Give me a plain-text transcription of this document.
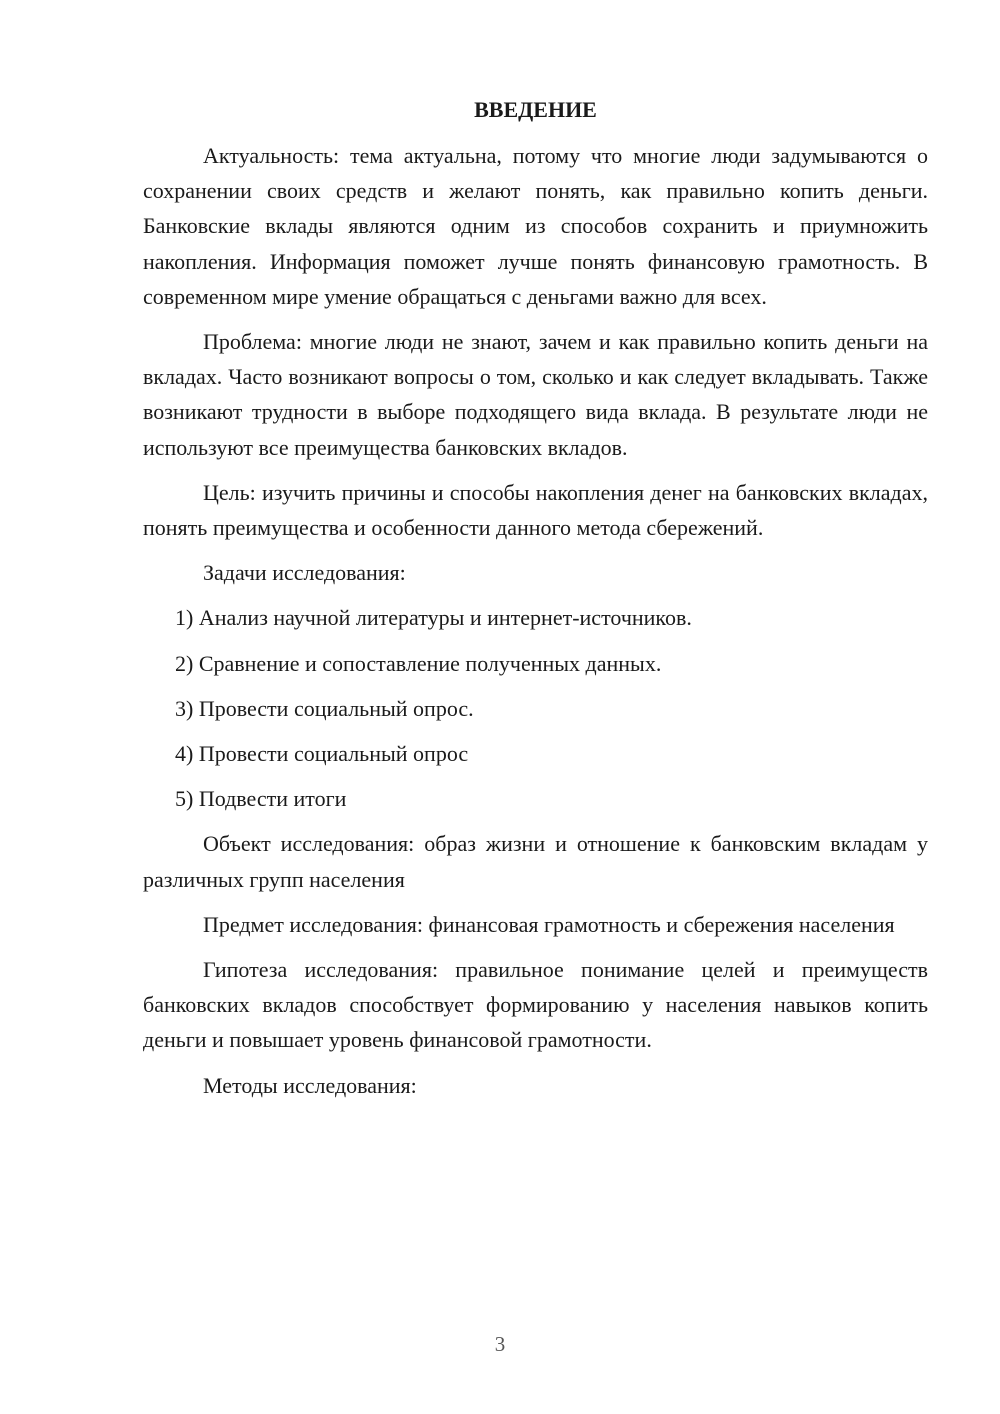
ВВЕДЕНИЕ

Актуальность: тема актуальна, потому что многие люди задумываются о сохранении своих средств и желают понять, как правильно копить деньги. Банковские вклады являются одним из способов сохранить и приумножить накопления. Информация поможет лучше понять финансовую грамотность. В современном мире умение обращаться с деньгами важно для всех.

Проблема: многие люди не знают, зачем и как правильно копить деньги на вкладах. Часто возникают вопросы о том, сколько и как следует вкладывать. Также возникают трудности в выборе подходящего вида вклада. В результате люди не используют все преимущества банковских вкладов.

Цель: изучить причины и способы накопления денег на банковских вкладах, понять преимущества и особенности данного метода сбережений.

Задачи исследования:

1) Анализ научной литературы и интернет-источников.

2) Сравнение и сопоставление полученных данных.

3) Провести социальный опрос.

4) Провести социальный опрос

5) Подвести итоги

Объект исследования: образ жизни и отношение к банковским вкладам у различных групп населения

Предмет исследования: финансовая грамотность и сбережения населения

Гипотеза исследования: правильное понимание целей и преимуществ банковских вкладов способствует формированию у населения навыков копить деньги и повышает уровень финансовой грамотности.

Методы исследования:

3
